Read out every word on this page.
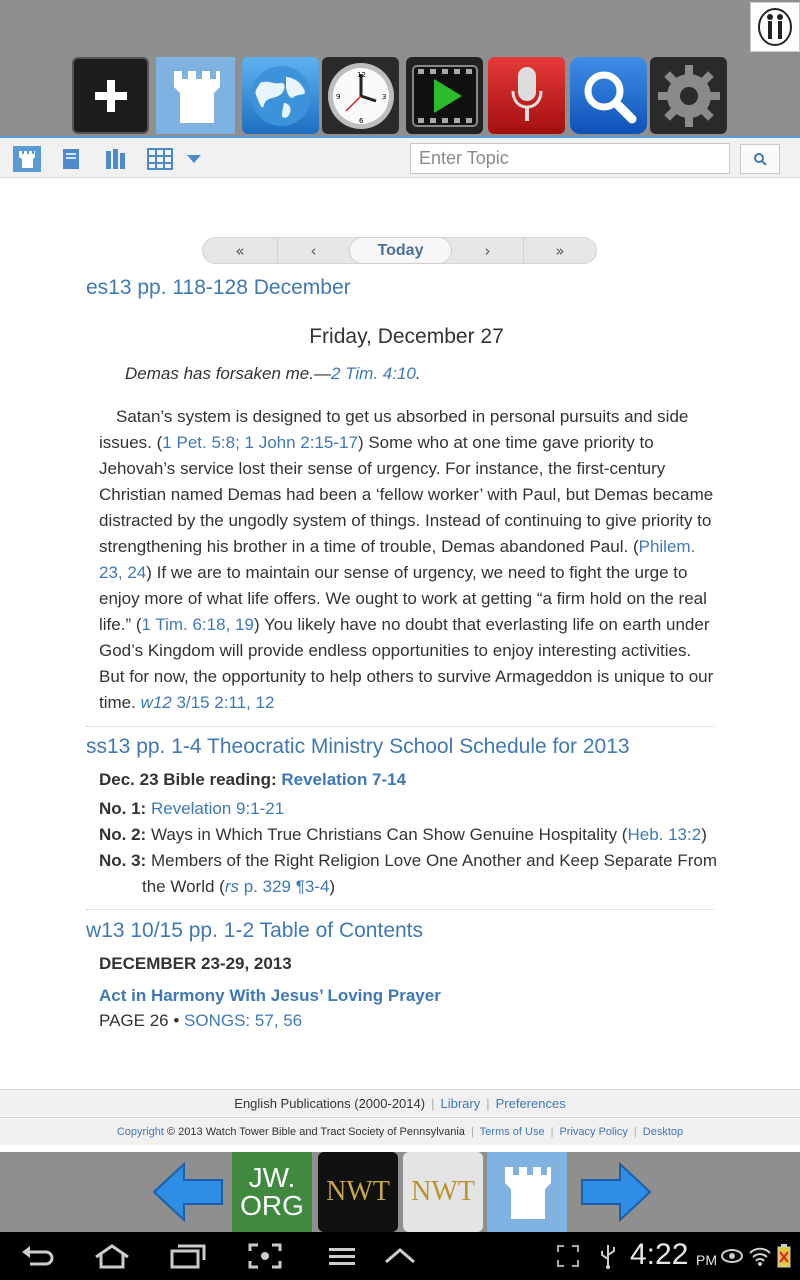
12
3
6
9
Enter Topic
«	‹	Today	›	»
es13 pp. 118-128 December
Friday, December 27
Demas has forsaken me.—2 Tim. 4:10.
Satan’s system is designed to get us absorbed in personal pursuits and side issues. (1 Pet. 5:8; 1 John 2:15-17) Some who at one time gave priority to Jehovah’s service lost their sense of urgency. For instance, the first-century Christian named Demas had been a ‘fellow worker’ with Paul, but Demas became distracted by the ungodly system of things. Instead of continuing to give priority to strengthening his brother in a time of trouble, Demas abandoned Paul. (Philem. 23, 24) If we are to maintain our sense of urgency, we need to fight the urge to enjoy more of what life offers. We ought to work at getting “a firm hold on the real life.” (1 Tim. 6:18, 19) You likely have no doubt that everlasting life on earth under God’s Kingdom will provide endless opportunities to enjoy interesting activities. But for now, the opportunity to help others to survive Armageddon is unique to our time. w12 3/15 2:11, 12
ss13 pp. 1-4 Theocratic Ministry School Schedule for 2013
Dec. 23 Bible reading: Revelation 7-14
No. 1: Revelation 9:1-21
No. 2: Ways in Which True Christians Can Show Genuine Hospitality (Heb. 13:2)
No. 3: Members of the Right Religion Love One Another and Keep Separate From
the World (rs p. 329 ¶3-4)
w13 10/15 pp. 1-2 Table of Contents
DECEMBER 23-29, 2013
Act in Harmony With Jesus’ Loving Prayer
PAGE 26 • SONGS: 57, 56
English Publications (2000-2014) | Library | Preferences
Copyright
© 2013 Watch Tower Bible and Tract Society of Pennsylvania | Terms of Use | Privacy Policy | Desktop
JW.
ORG NWT NWT
4:22 PM
